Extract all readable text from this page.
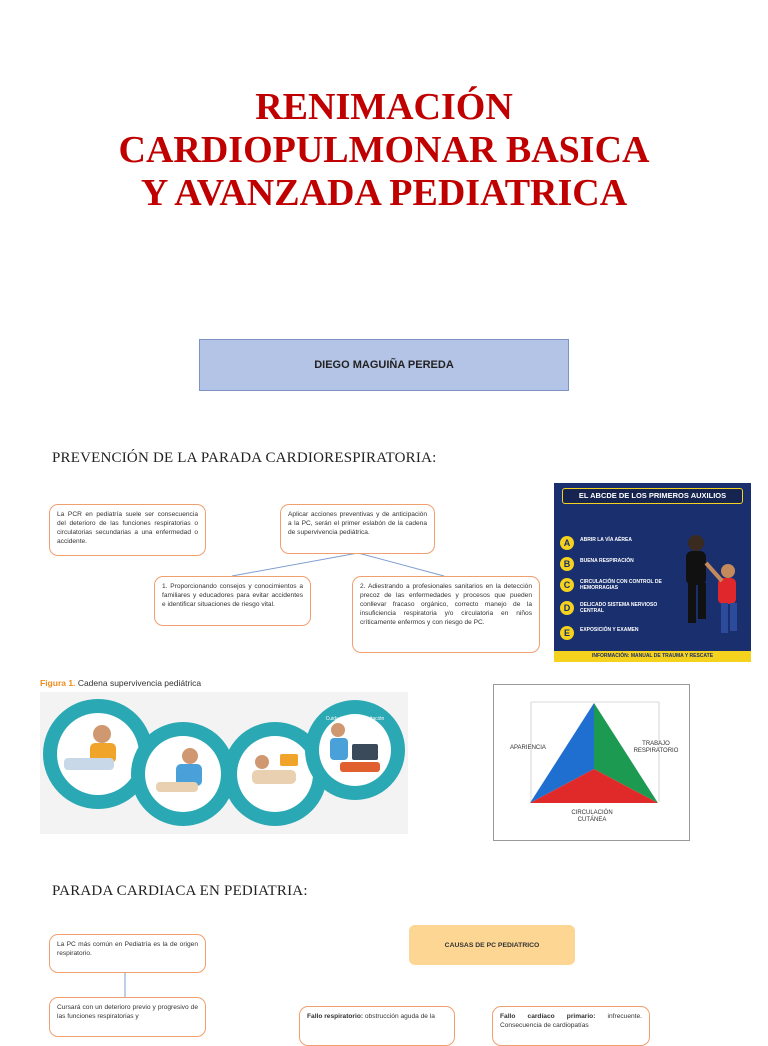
RENIMACIÓN
CARDIOPULMONAR BASICA
Y AVANZADA PEDIATRICA
DIEGO MAGUIÑA PEREDA
PREVENCIÓN DE LA PARADA CARDIORESPIRATORIA:
La PCR en pediatría suele ser consecuencia del deterioro de las funciones respiratorias o circulatorias secundarias a una enfermedad o accidente.
Aplicar acciones preventivas y de anticipación a la PC, serán el primer eslabón de la cadena de supervivencia pediátrica.
1. Proporcionando consejos y conocimientos a familiares y educadores para evitar accidentes e identificar situaciones de riesgo vital.
2. Adiestrando a profesionales sanitarios en la detección precoz de las enfermedades y procesos que pueden conllevar fracaso orgánico, correcto manejo de la insuficiencia respiratoria y/o circulatoria en niños críticamente enfermos y con riesgo de PC.
EL ABCDE DE LOS PRIMEROS AUXILIOS
A	ABRIR LA VÍA AÉREA
B	BUENA RESPIRACIÓN
C	CIRCULACIÓN CON CONTROL DE HEMORRAGIAS
D	DELICADO SISTEMA NERVIOSO CENTRAL
E	EXPOSICIÓN Y EXAMEN
INFORMACIÓN: MANUAL DE TRAUMA Y RESCATE
Figura 1. Cadena supervivencia pediátrica
RCP precoz	Desfibrilación precoz
Cuidados postresucitación
APARIENCIA
TRABAJO
RESPIRATORIO
CIRCULACIÓN
CUTÁNEA
PARADA CARDIACA EN PEDIATRIA:
La PC más común en Pediatría es la de origen respiratorio.
Cursará con un deterioro previo y progresivo de las funciones respiratorias y
CAUSAS DE PC PEDIATRICO
Fallo respiratorio: obstrucción aguda de la	Fallo cardíaco primario: infrecuente. Consecuencia de cardiopatías
